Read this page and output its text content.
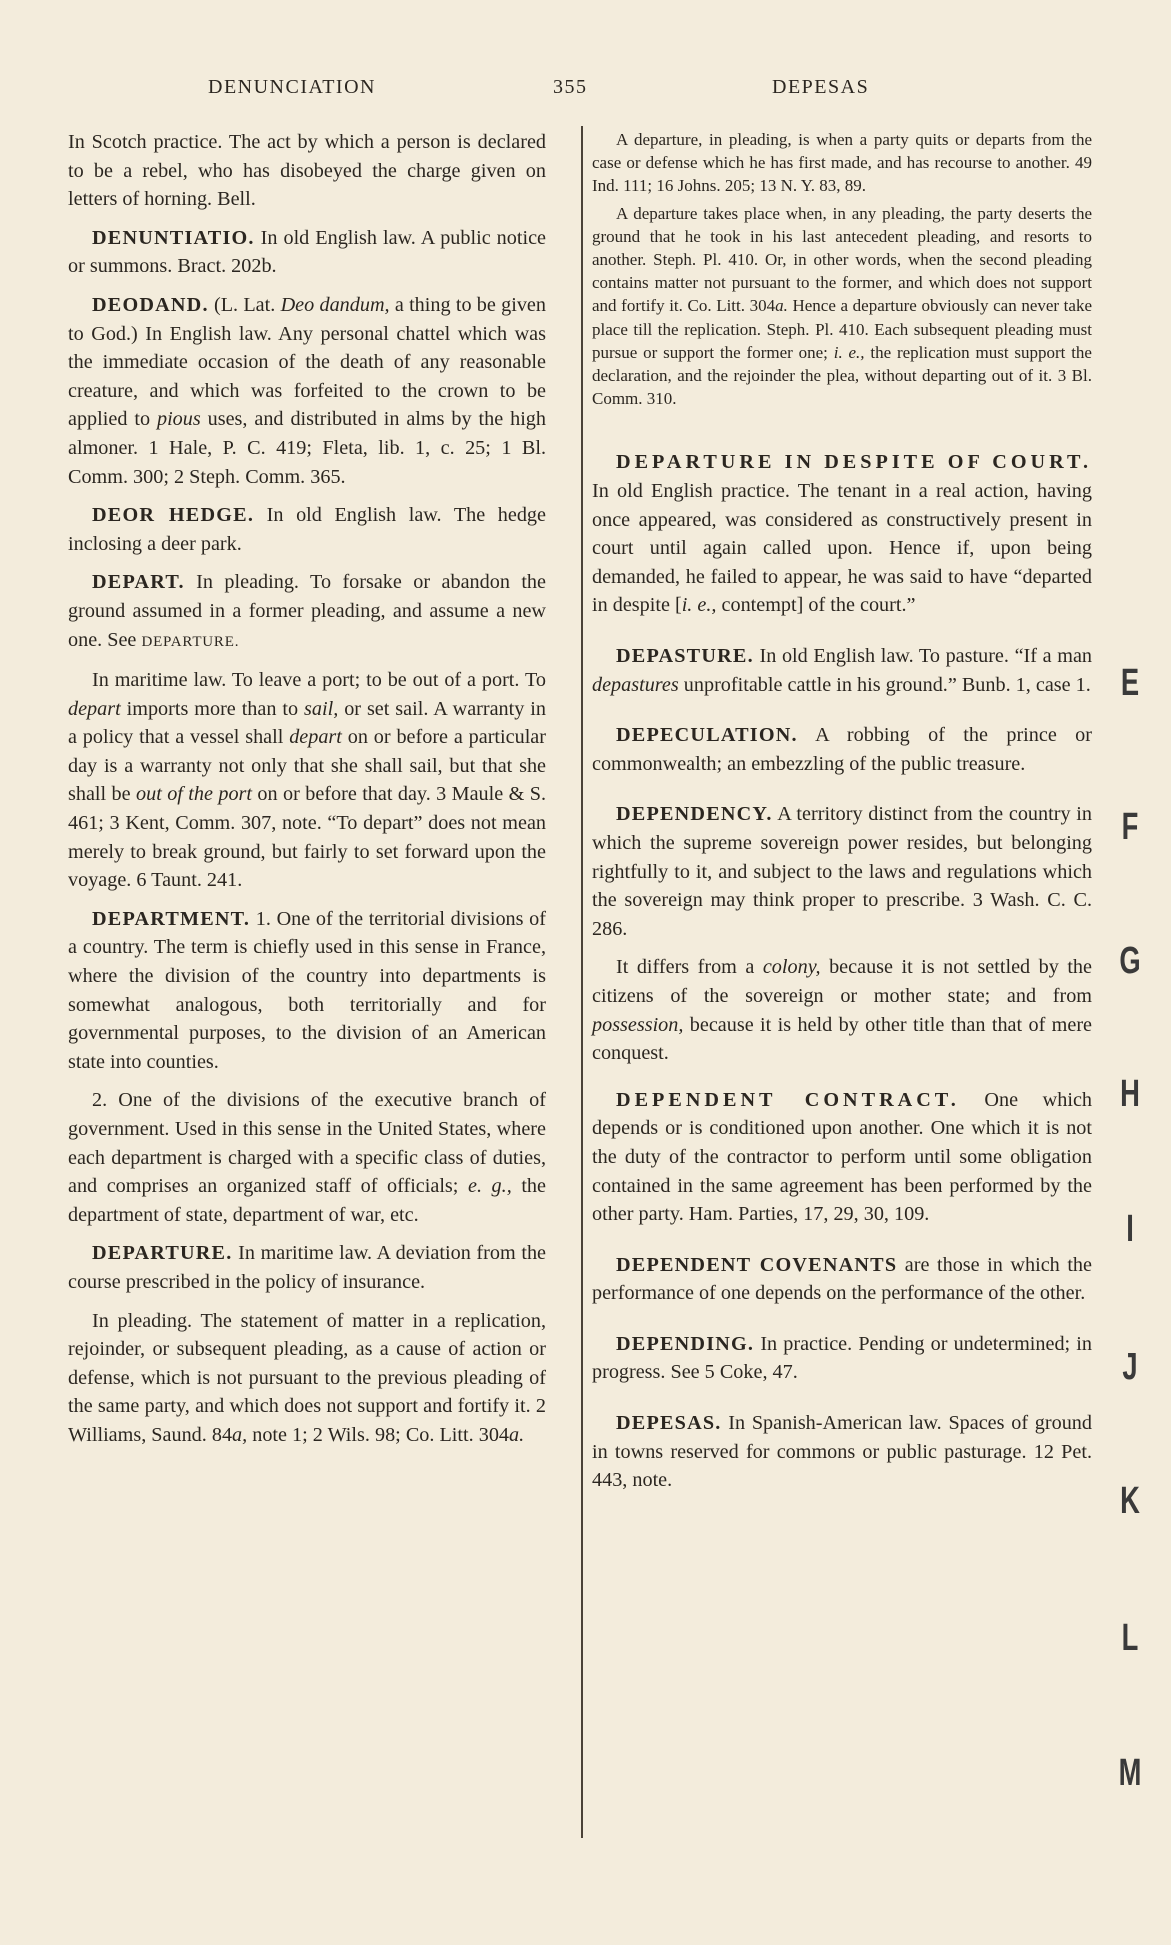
DENUNCIATION	355	DEPESAS

In Scotch practice. The act by which a person is declared to be a rebel, who has disobeyed the charge given on letters of horning. Bell.

DENUNTIATIO. In old English law. A public notice or summons. Bract. 202b.

DEODAND. (L. Lat. Deo dandum, a thing to be given to God.) In English law. Any personal chattel which was the immediate occasion of the death of any reasonable creature, and which was forfeited to the crown to be applied to pious uses, and distributed in alms by the high almoner. 1 Hale, P. C. 419; Fleta, lib. 1, c. 25; 1 Bl. Comm. 300; 2 Steph. Comm. 365.

DEOR HEDGE. In old English law. The hedge inclosing a deer park.

DEPART. In pleading. To forsake or abandon the ground assumed in a former pleading, and assume a new one. See DEPARTURE.

In maritime law. To leave a port; to be out of a port. To depart imports more than to sail, or set sail. A warranty in a policy that a vessel shall depart on or before a particular day is a warranty not only that she shall sail, but that she shall be out of the port on or before that day. 3 Maule & S. 461; 3 Kent, Comm. 307, note. “To depart” does not mean merely to break ground, but fairly to set forward upon the voyage. 6 Taunt. 241.

DEPARTMENT. 1. One of the territorial divisions of a country. The term is chiefly used in this sense in France, where the division of the country into departments is somewhat analogous, both territorially and for governmental purposes, to the division of an American state into counties.

2. One of the divisions of the executive branch of government. Used in this sense in the United States, where each department is charged with a specific class of duties, and comprises an organized staff of officials; e. g., the department of state, department of war, etc.

DEPARTURE. In maritime law. A deviation from the course prescribed in the policy of insurance.

In pleading. The statement of matter in a replication, rejoinder, or subsequent pleading, as a cause of action or defense, which is not pursuant to the previous pleading of the same party, and which does not support and fortify it. 2 Williams, Saund. 84a, note 1; 2 Wils. 98; Co. Litt. 304a.

A departure, in pleading, is when a party quits or departs from the case or defense which he has first made, and has recourse to another. 49 Ind. 111; 16 Johns. 205; 13 N. Y. 83, 89.

A departure takes place when, in any pleading, the party deserts the ground that he took in his last antecedent pleading, and resorts to another. Steph. Pl. 410. Or, in other words, when the second pleading contains matter not pursuant to the former, and which does not support and fortify it. Co. Litt. 304a. Hence a departure obviously can never take place till the replication. Steph. Pl. 410. Each subsequent pleading must pursue or support the former one; i. e., the replication must support the declaration, and the rejoinder the plea, without departing out of it. 3 Bl. Comm. 310.

DEPARTURE IN DESPITE OF COURT. In old English practice. The tenant in a real action, having once appeared, was considered as constructively present in court until again called upon. Hence if, upon being demanded, he failed to appear, he was said to have “departed in despite [i. e., contempt] of the court.”

DEPASTURE. In old English law. To pasture. “If a man depastures unprofitable cattle in his ground.” Bunb. 1, case 1.

DEPECULATION. A robbing of the prince or commonwealth; an embezzling of the public treasure.

DEPENDENCY. A territory distinct from the country in which the supreme sovereign power resides, but belonging rightfully to it, and subject to the laws and regulations which the sovereign may think proper to prescribe. 3 Wash. C. C. 286.

It differs from a colony, because it is not settled by the citizens of the sovereign or mother state; and from possession, because it is held by other title than that of mere conquest.

DEPENDENT CONTRACT. One which depends or is conditioned upon another. One which it is not the duty of the contractor to perform until some obligation contained in the same agreement has been performed by the other party. Ham. Parties, 17, 29, 30, 109.

DEPENDENT COVENANTS are those in which the performance of one depends on the performance of the other.

DEPENDING. In practice. Pending or undetermined; in progress. See 5 Coke, 47.

DEPESAS. In Spanish-American law. Spaces of ground in towns reserved for commons or public pasturage. 12 Pet. 443, note.

E
F
G
H
I
J
K
L
M
